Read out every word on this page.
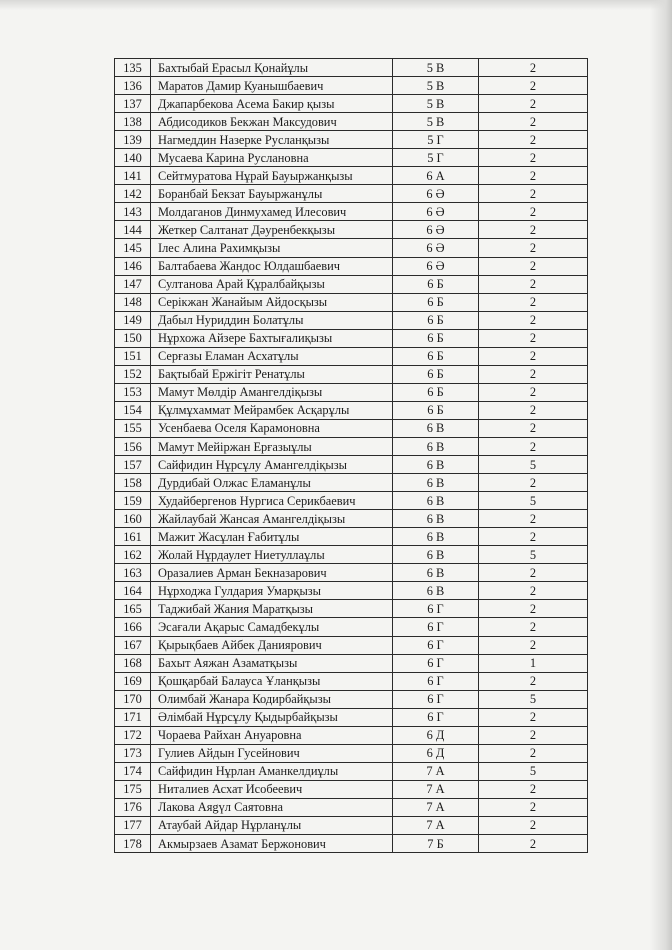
135	Бахтыбай Ерасыл Қонайұлы	5 В	2
136	Маратов Дамир Куанышбаевич	5 В	2
137	Джапарбекова Асема Бакир қызы	5 В	2
138	Абдисодиков Бекжан Максудович	5 В	2
139	Нагмеддин Назерке Русланқызы	5 Г	2
140	Мусаева Карина Руслановна	5 Г	2
141	Сейтмуратова Нұрай Бауыржанқызы	6 А	2
142	Боранбай Бекзат Бауыржанұлы	6 Ә	2
143	Молдаганов Динмухамед Илесович	6 Ә	2
144	Жеткер Салтанат Дәуренбекқызы	6 Ә	2
145	Ілес Алина Рахимқызы	6 Ә	2
146	Балтабаева Жандос Юлдашбаевич	6 Ә	2
147	Султанова Арай Құралбайқызы	6 Б	2
148	Серікжан Жанайым Айдосқызы	6 Б	2
149	Дабыл Нуриддин Болатұлы	6 Б	2
150	Нұрхожа Айзере Бахтығалиқызы	6 Б	2
151	Серғазы Еламан Асхатұлы	6 Б	2
152	Бақтыбай Ержігіт Ренатұлы	6 Б	2
153	Мамут Мөлдір Амангелдіқызы	6 Б	2
154	Құлмұхаммат Мейрамбек Асқарұлы	6 Б	2
155	Усенбаева Оселя Карамоновна	6 В	2
156	Мамут Мейіржан Ерғазыұлы	6 В	2
157	Сайфидин Нұрсұлу Амангелдіқызы	6 В	5
158	Дурдибай Олжас Еламанұлы	6 В	2
159	Худайбергенов Нургиса Серикбаевич	6 В	5
160	Жайлаубай Жансая Амангелдіқызы	6 В	2
161	Мажит Жасұлан Ғабитұлы	6 В	2
162	Жолай Нұрдаулет Ниетуллаұлы	6 В	5
163	Оразалиев Арман Бекназарович	6 В	2
164	Нұрходжа Гулдария Умарқызы	6 В	2
165	Таджибай Жания Маратқызы	6 Г	2
166	Эсағали Ақарыс Самадбекұлы	6 Г	2
167	Қырықбаев Айбек Даниярович	6 Г	2
168	Бахыт Аяжан Азаматқызы	6 Г	1
169	Қошқарбай Балауса Ұланқызы	6 Г	2
170	Олимбай Жанара Кодирбайқызы	6 Г	5
171	Әлімбай Нұрсұлу Қыдырбайқызы	6 Г	2
172	Чораева Райхан Ануаровна	6 Д	2
173	Гулиев Айдын Гусейнович	6 Д	2
174	Сайфидин Нұрлан Аманкелдиұлы	7 А	5
175	Ниталиев Асхат Исобеевич	7 А	2
176	Лакова Аяgүл Саятовна	7 А	2
177	Атаубай Айдар Нұрланұлы	7 А	2
178	Акмырзаев Азамат Бержонович	7 Б	2
